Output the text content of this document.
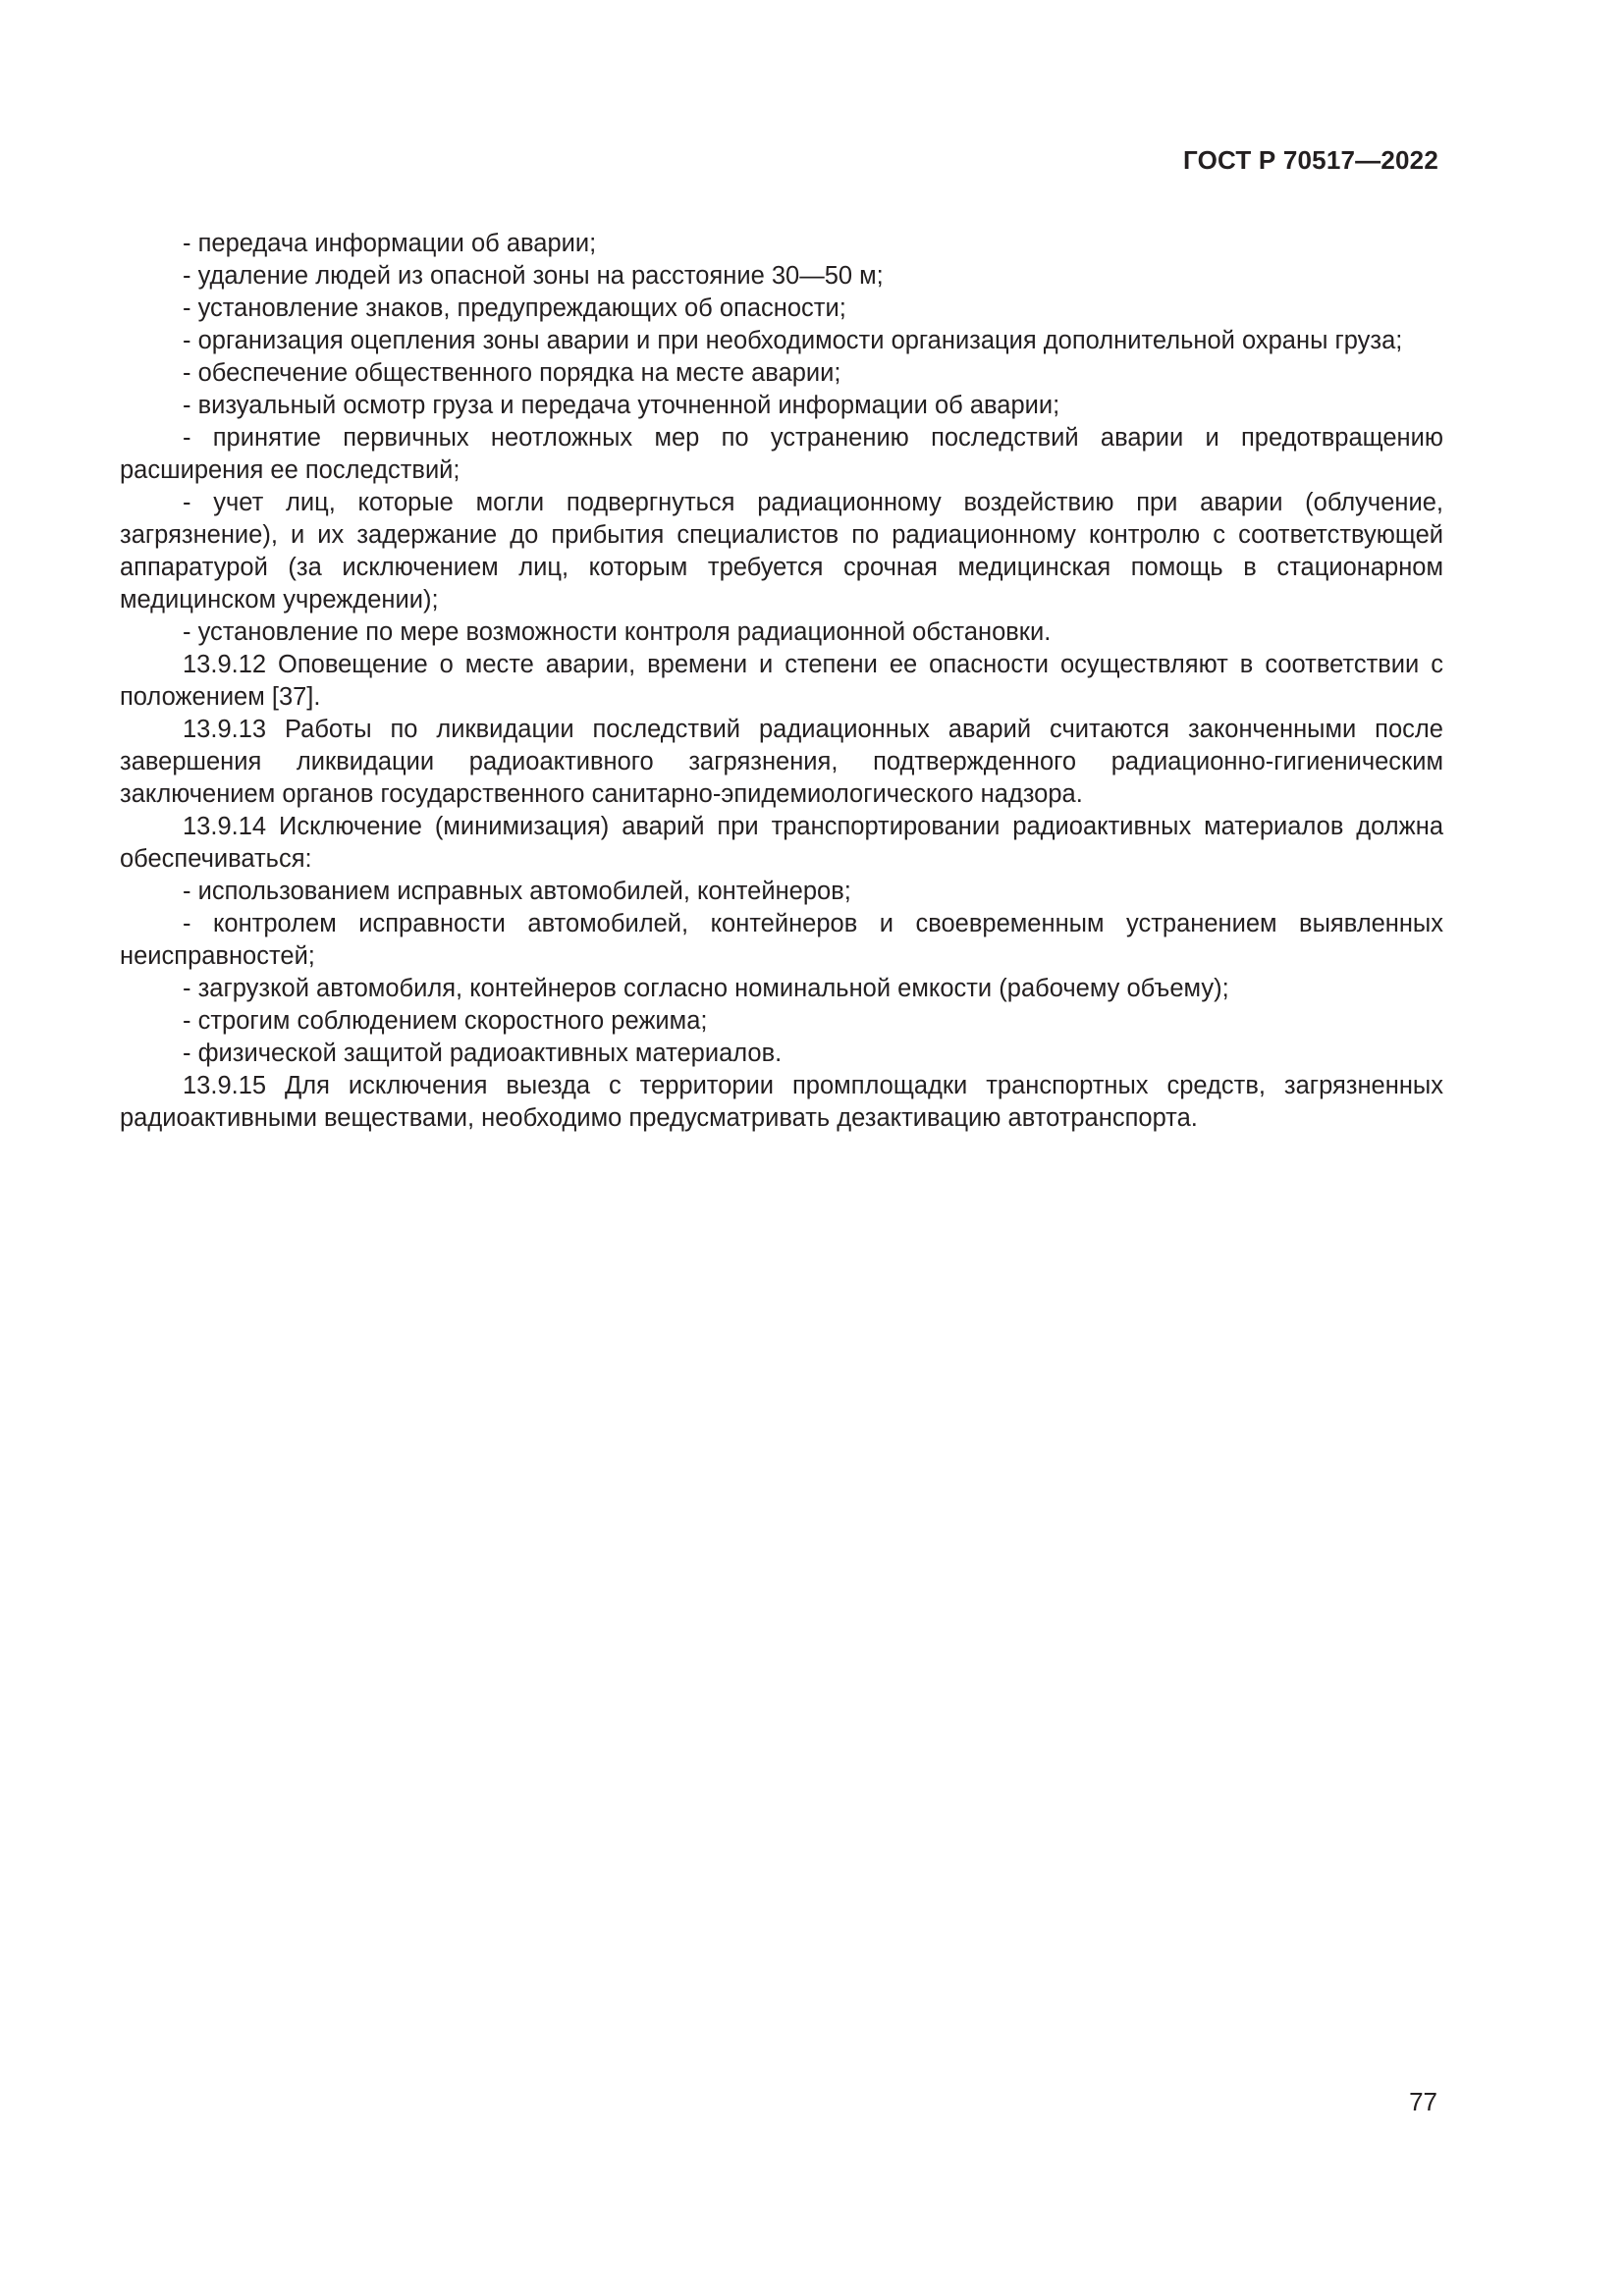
ГОСТ Р 70517—2022

- передача информации об аварии;

- удаление людей из опасной зоны на расстояние 30—50 м;

- установление знаков, предупреждающих об опасности;

- организация оцепления зоны аварии и при необходимости организация дополнительной охраны груза;

- обеспечение общественного порядка на месте аварии;

- визуальный осмотр груза и передача уточненной информации об аварии;

- принятие первичных неотложных мер по устранению последствий аварии и предотвращению расширения ее последствий;

- учет лиц, которые могли подвергнуться радиационному воздействию при аварии (облучение, загрязнение), и их задержание до прибытия специалистов по радиационному контролю с соответствующей аппаратурой (за исключением лиц, которым требуется срочная медицинская помощь в стационарном медицинском учреждении);

- установление по мере возможности контроля радиационной обстановки.

13.9.12 Оповещение о месте аварии, времени и степени ее опасности осуществляют в соответствии с положением [37].

13.9.13 Работы по ликвидации последствий радиационных аварий считаются законченными после завершения ликвидации радиоактивного загрязнения, подтвержденного радиационно-гигиеническим заключением органов государственного санитарно-эпидемиологического надзора.

13.9.14 Исключение (минимизация) аварий при транспортировании радиоактивных материалов должна обеспечиваться:

- использованием исправных автомобилей, контейнеров;

- контролем исправности автомобилей, контейнеров и своевременным устранением выявленных неисправностей;

- загрузкой автомобиля, контейнеров согласно номинальной емкости (рабочему объему);

- строгим соблюдением скоростного режима;

- физической защитой радиоактивных материалов.

13.9.15 Для исключения выезда с территории промплощадки транспортных средств, загрязненных радиоактивными веществами, необходимо предусматривать дезактивацию автотранспорта.

77
